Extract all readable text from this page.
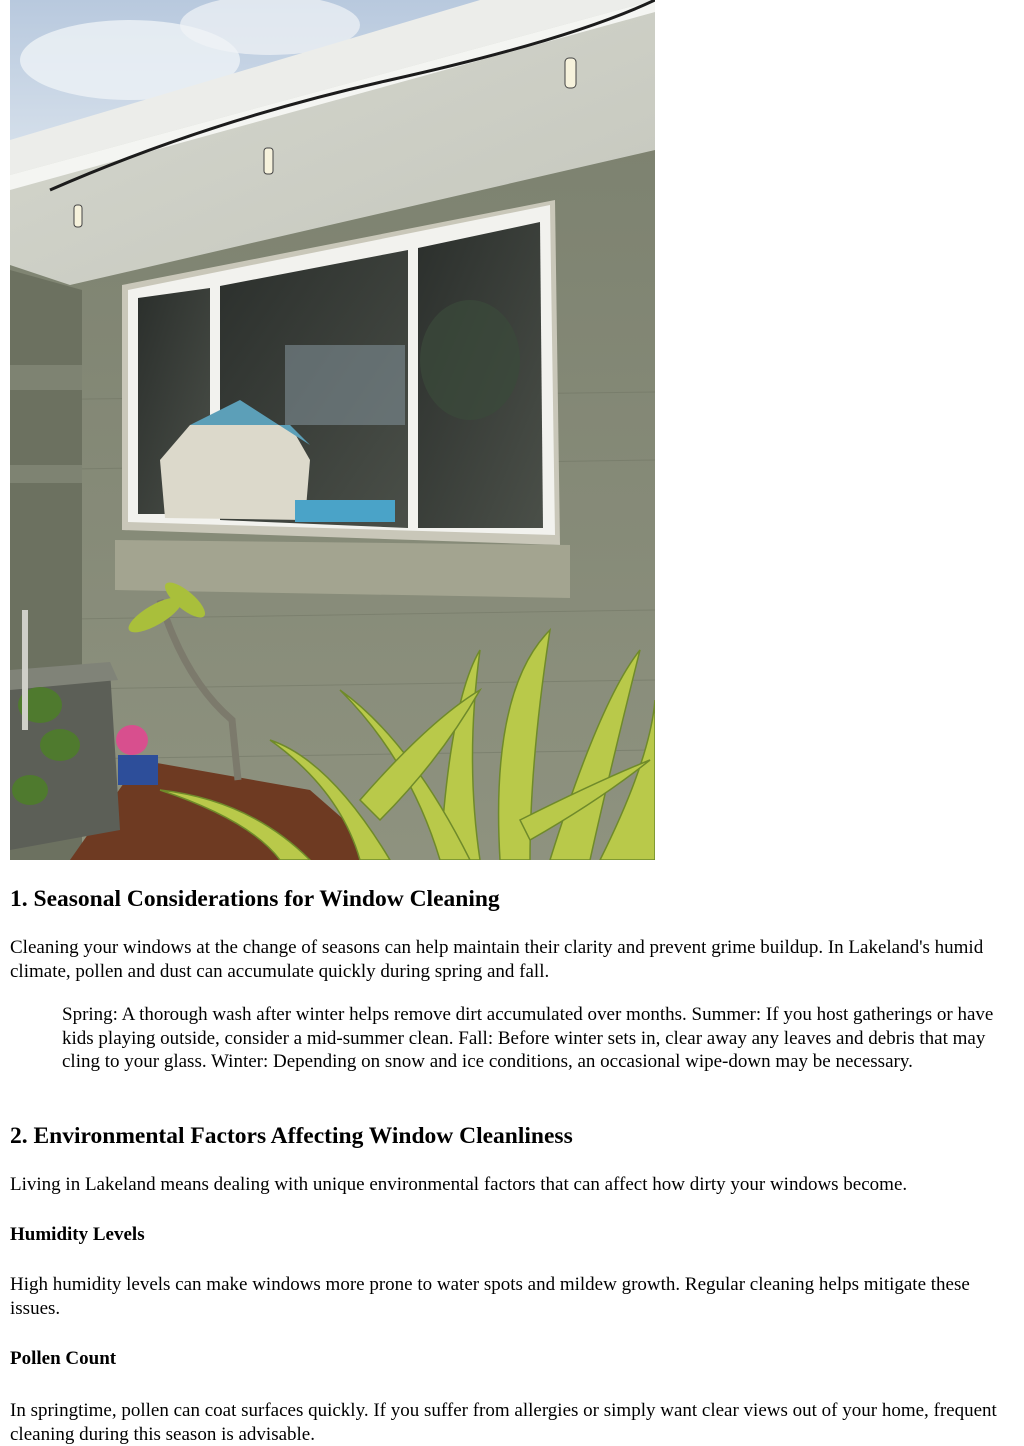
1. Seasonal Considerations for Window Cleaning

Cleaning your windows at the change of seasons can help maintain their clarity and prevent grime buildup. In Lakeland's humid climate, pollen and dust can accumulate quickly during spring and fall.

Spring: A thorough wash after winter helps remove dirt accumulated over months. Summer: If you host gatherings or have kids playing outside, consider a mid-summer clean. Fall: Before winter sets in, clear away any leaves and debris that may cling to your glass. Winter: Depending on snow and ice conditions, an occasional wipe-down may be necessary.
2. Environmental Factors Affecting Window Cleanliness

Living in Lakeland means dealing with unique environmental factors that can affect how dirty your windows become.

Humidity Levels

High humidity levels can make windows more prone to water spots and mildew growth. Regular cleaning helps mitigate these issues.

Pollen Count

In springtime, pollen can coat surfaces quickly. If you suffer from allergies or simply want clear views out of your home, frequent cleaning during this season is advisable.
